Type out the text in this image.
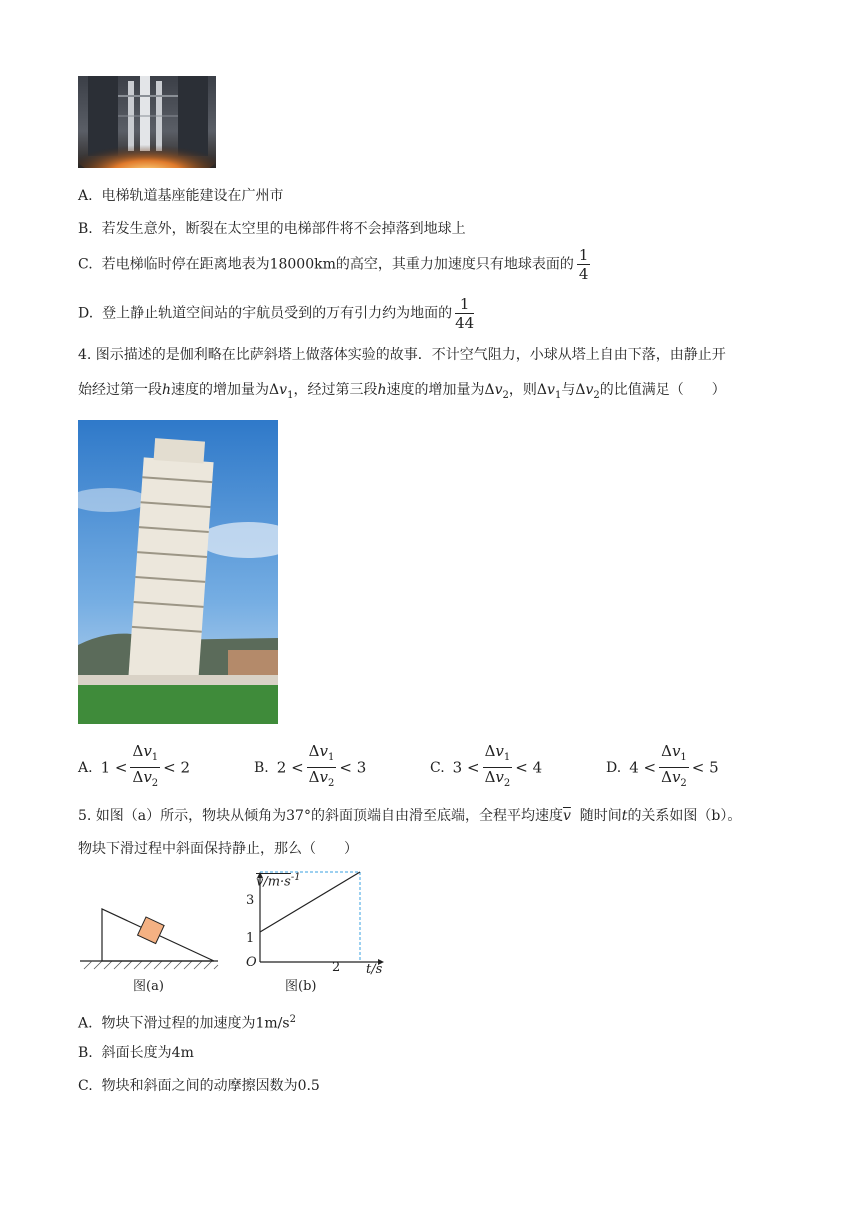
A. 电梯轨道基座能建设在广州市
B. 若发生意外，断裂在太空里的电梯部件将不会掉落到地球上
C. 若电梯临时停在距离地表为18000km的高空，其重力加速度只有地球表面的 $\frac{1}{4}$
D. 登上静止轨道空间站的宇航员受到的万有引力约为地面的 $\frac{1}{44}$
4. 图示描述的是伽利略在比萨斜塔上做落体实验的故事．不计空气阻力，小球从塔上自由下落，由静止开
始经过第一段h速度的增加量为$\Delta v_1$，经过第三段h速度的增加量为$\Delta v_2$，则$\Delta v_1$与$\Delta v_2$的比值满足（　　）
A. $1 < \frac{\Delta v_1}{\Delta v_2} < 2$	B. $2 < \frac{\Delta v_1}{\Delta v_2} < 3$	C. $3 < \frac{\Delta v_1}{\Delta v_2} < 4$	D. $4 < \frac{\Delta v_1}{\Delta v_2} < 5$
5. 如图（a）所示，物块从倾角为37°的斜面顶端自由滑至底端，全程平均速度$\overline{v}$ 随时间t的关系如图（b）。
物块下滑过程中斜面保持静止，那么（　　）
图(a)
$v/m\cdot s^{-1}$
3
1
O	2 t/s
图(b)
A. 物块下滑过程的加速度为$1m/s^2$
B. 斜面长度为4m
C. 物块和斜面之间的动摩擦因数为0.5
